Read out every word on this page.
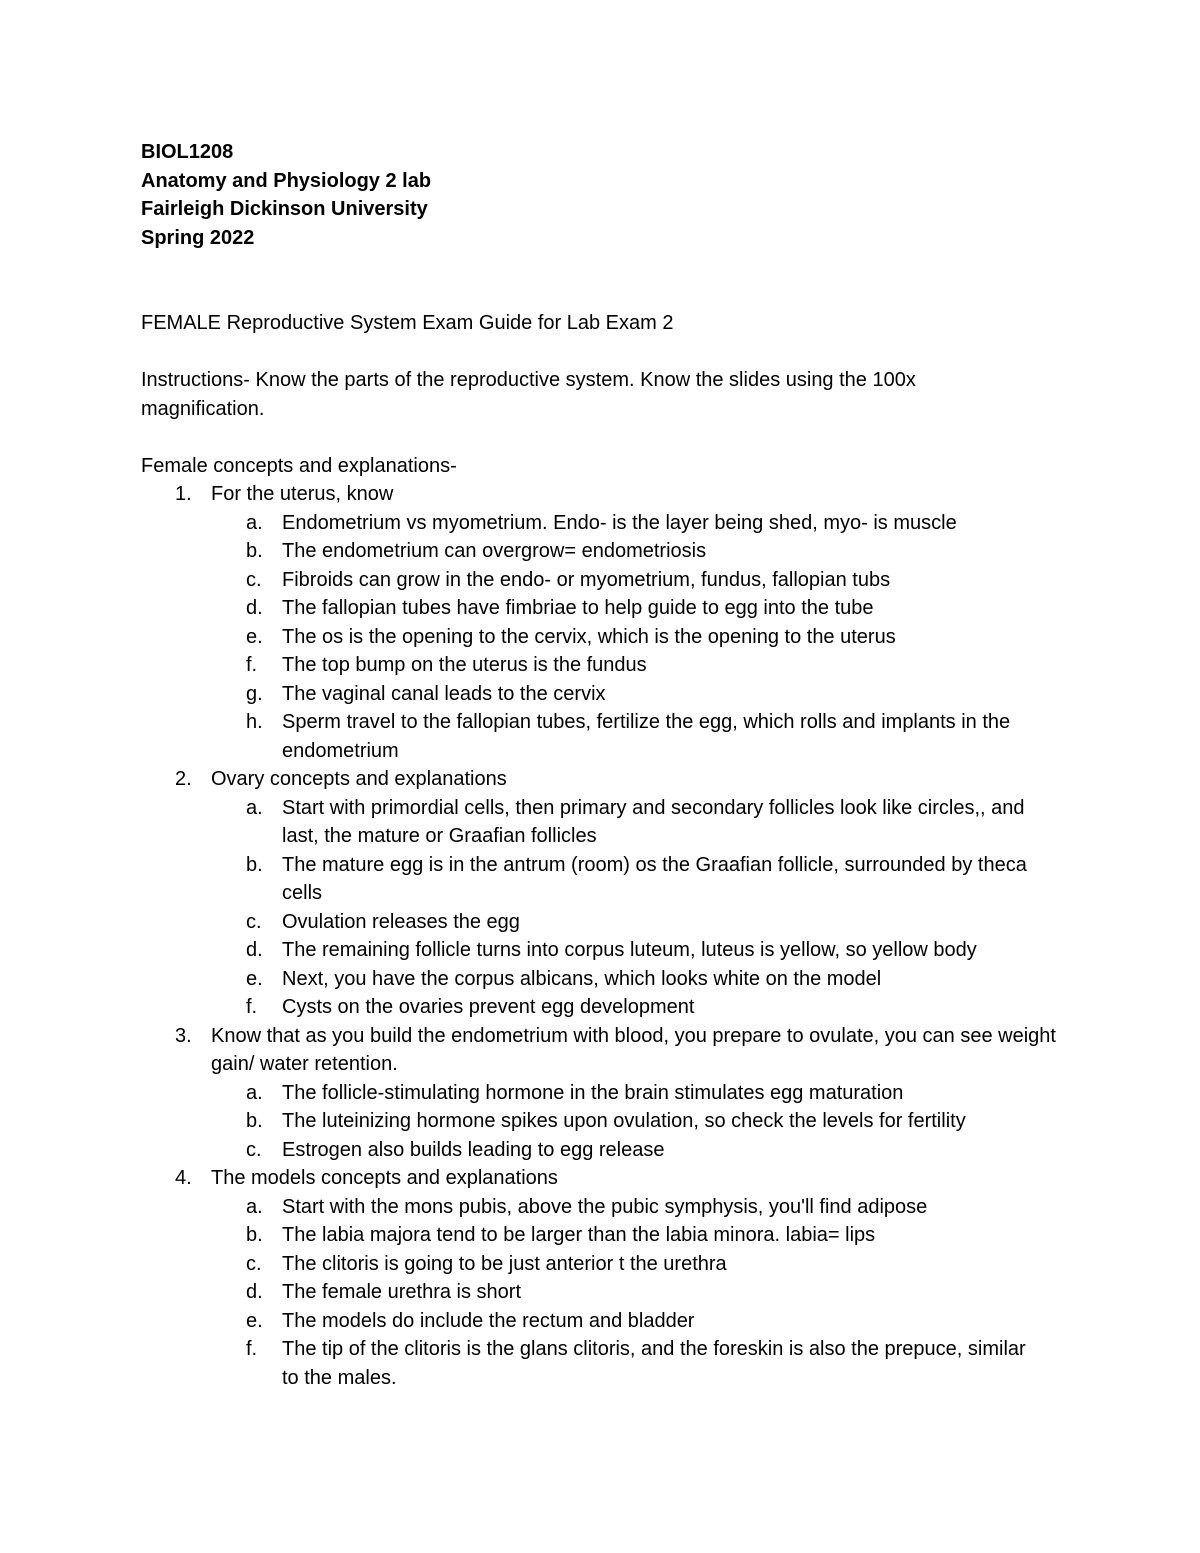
BIOL1208
Anatomy and Physiology 2 lab
Fairleigh Dickinson University
Spring 2022
FEMALE Reproductive System Exam Guide for Lab Exam 2
Instructions- Know the parts of the reproductive system. Know the slides using the 100x magnification.
Female concepts and explanations-
1. For the uterus, know
a. Endometrium vs myometrium. Endo- is the layer being shed, myo- is muscle
b. The endometrium can overgrow= endometriosis
c. Fibroids can grow in the endo- or myometrium, fundus, fallopian tubs
d. The fallopian tubes have fimbriae to help guide to egg into the tube
e. The os is the opening to the cervix, which is the opening to the uterus
f. The top bump on the uterus is the fundus
g. The vaginal canal leads to the cervix
h. Sperm travel to the fallopian tubes, fertilize the egg, which rolls and implants in the endometrium
2. Ovary concepts and explanations
a. Start with primordial cells, then primary and secondary follicles look like circles,, and last, the mature or Graafian follicles
b. The mature egg is in the antrum (room) os the Graafian follicle, surrounded by theca cells
c. Ovulation releases the egg
d. The remaining follicle turns into corpus luteum, luteus is yellow, so yellow body
e. Next, you have the corpus albicans, which looks white on the model
f. Cysts on the ovaries prevent egg development
3. Know that as you build the endometrium with blood, you prepare to ovulate, you can see weight gain/ water retention.
a. The follicle-stimulating hormone in the brain stimulates egg maturation
b. The luteinizing hormone spikes upon ovulation, so check the levels for fertility
c. Estrogen also builds leading to egg release
4. The models concepts and explanations
a. Start with the mons pubis, above the pubic symphysis, you'll find adipose
b. The labia majora tend to be larger than the labia minora. labia= lips
c. The clitoris is going to be just anterior t the urethra
d. The female urethra is short
e. The models do include the rectum and bladder
f. The tip of the clitoris is the glans clitoris, and the foreskin is also the prepuce, similar to the males.
